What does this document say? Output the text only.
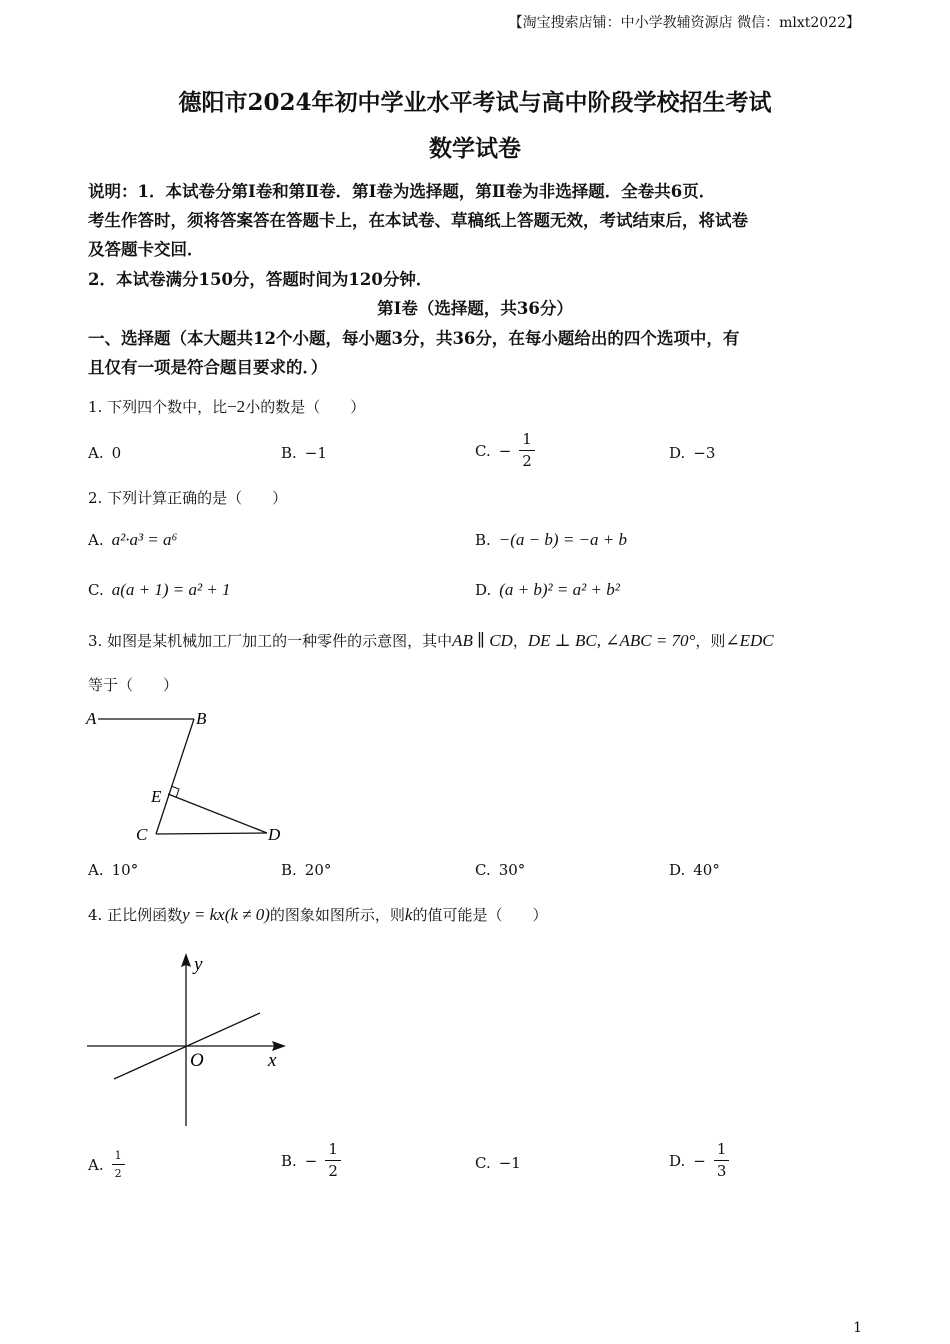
【淘宝搜索店铺：中小学教辅资源店 微信：mlxt2022】
德阳市2024年初中学业水平考试与高中阶段学校招生考试
数学试卷
说明：1．本试卷分第Ⅰ卷和第Ⅱ卷．第Ⅰ卷为选择题，第Ⅱ卷为非选择题．全卷共6页．
考生作答时，须将答案答在答题卡上，在本试卷、草稿纸上答题无效，考试结束后，将试卷
及答题卡交回．
2．本试卷满分150分，答题时间为120分钟．
第Ⅰ卷（选择题，共36分）
一、选择题（本大题共12个小题，每小题3分，共36分，在每小题给出的四个选项中，有
且仅有一项是符合题目要求的．）
1. 下列四个数中，比−2小的数是（　　）
A. 0	B. −1	C. − $\frac{1}{2}$	D. −3
2. 下列计算正确的是（　　）
A. a²·a³ = a⁶	B. −(a − b) = −a + b
C. a(a + 1) = a² + 1	D. (a + b)² = a² + b²
3. 如图是某机械加工厂加工的一种零件的示意图，其中AB ∥ CD，DE ⊥ BC, ∠ABC = 70°，则∠EDC
等于（　　）
A	B
E
C	D
A. 10°	B. 20°	C. 30°	D. 40°
4. 正比例函数y = kx(k ≠ 0)的图象如图所示，则k的值可能是（　　）
y
x
O
A. $\frac{1}{2}$	B. − $\frac{1}{2}$	C. −1	D. − $\frac{1}{3}$
1
